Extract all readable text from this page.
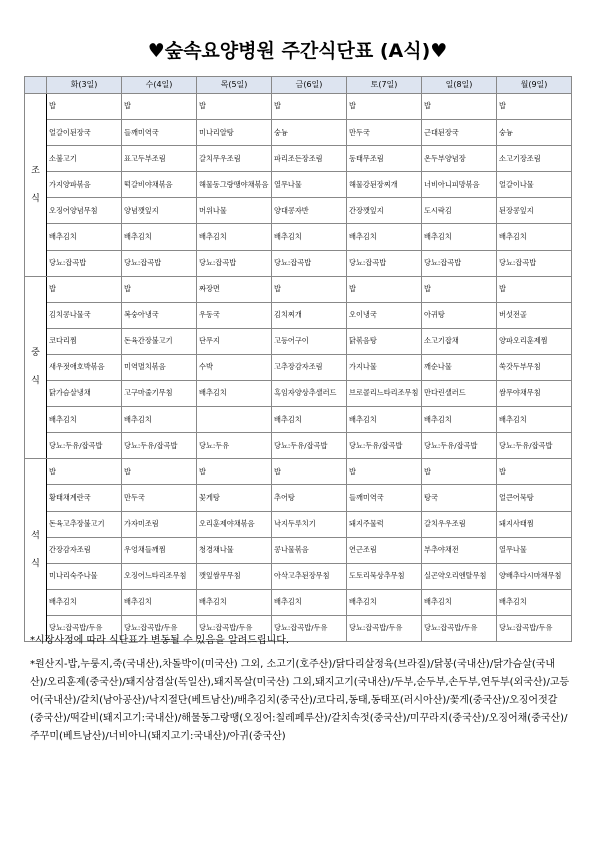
♥숲속요양병원 주간식단표 (A식)♥
	화(3일)	수(4일)	목(5일)	금(6일)	토(7일)	일(8일)	월(9일)

조
식	밥	밥	밥	밥	밥	밥	밥
	얼갈이된장국	들깨미역국	미나리알탕	숭늉	만두국	근대된장국	숭늉
	소불고기	표고두부조림	갈치무우조림	파리조든장조림	동태무조림	온두부양념장	소고기장조림
	가지양파볶음	떡갈비야채볶음	해물동그랑땡야채볶음	열무나물	해물강된장찌개	너비아니피망볶음	얼갈이나물
	오징어양념무침	양념깻잎지	머위나물	양대콩자반	간장깻잎지	도시락김	된장콩잎지
	배추김치	배추김치	배추김치	배추김치	배추김치	배추김치	배추김치
	당뇨:잡곡밥	당뇨:잡곡밥	당뇨:잡곡밥	당뇨:잡곡밥	당뇨:잡곡밥	당뇨:잡곡밥	당뇨:잡곡밥

중
식	밥	밥	짜장면	밥	밥	밥	밥
	김치콩나물국	복숭아냉국	우동국	김치찌개	오이냉국	아귀탕	버섯전골
	코다리찜	돈육간장불고기	단무지	고등어구이	닭볶음탕	소고기잡채	양파오리훈제찜
	새우젓애호박볶음	미역멸치볶음	수박	고추장감자조림	가지나물	깨순나물	쑥갓두부무침
	닭가슴살냉채	고구마줄기무침	배추김치	흑임자양상추샐러드	브로콜리느타리조무침	만다린샐러드	쌈무야채무침
	배추김치	배추김치		배추김치	배추김치	배추김치	배추김치
	당뇨:두유/잡곡밥	당뇨:두유/잡곡밥	당뇨:두유	당뇨:두유/잡곡밥	당뇨:두유/잡곡밥	당뇨:두유/잡곡밥	당뇨:두유/잡곡밥

석
식	밥	밥	밥	밥	밥	밥	밥
	황태채계란국	만두국	꽃게탕	추어탕	들깨미역국	탕국	얼큰어묵탕
	돈육고추장불고기	가자미조림	오리훈제야채볶음	낙지두루치기	돼지주물럭	갈치우우조림	돼지사태찜
	간장감자조림	우엉채들깨찜	청경채나물	콩나물볶음	연근조림	부추야채전	열무나물
	미나리숙주나물	오징어느타리조무침	깻잎쌈무무침	아삭고추된장무침	도토리묵상추무침	실곤약오리엔탈무침	양배추다시마채무침
	배추김치	배추김치	배추김치	배추김치	배추김치	배추김치	배추김치
	당뇨:잡곡밥/두유	당뇨:잡곡밥/두유	당뇨:잡곡밥/두유	당뇨:잡곡밥/두유	당뇨:잡곡밥/두유	당뇨:잡곡밥/두유	당뇨:잡곡밥/두유

*시장사정에 따라 식단표가 변동될 수 있음을 알려드립니다.

*원산지-밥,누룽지,죽(국내산),차돌박이(미국산) 그외, 소고기(호주산)/닭다리살정육(브라질)/닭봉(국내산)/닭가슴살(국내산)/오리훈제(중국산)/돼지삼겹살(독일산),돼지목살(미국산) 그외,돼지고기(국내산)/두부,순두부,손두부,연두부(외국산)/고등어(국내산)/갈치(남아공산)/낙지절단(베트남산)/배추김치(중국산)/코다리,동태,동태포(러시아산)/꽃게(중국산)/오징어젓갈(중국산)/떡갈비(돼지고기:국내산)/해물동그랑땡(오징어:칠레페루산)/갈치속젓(중국산)/미꾸라지(중국산)/오징어채(중국산)/주꾸미(베트남산)/너비아니(돼지고기:국내산)/아귀(중국산)
